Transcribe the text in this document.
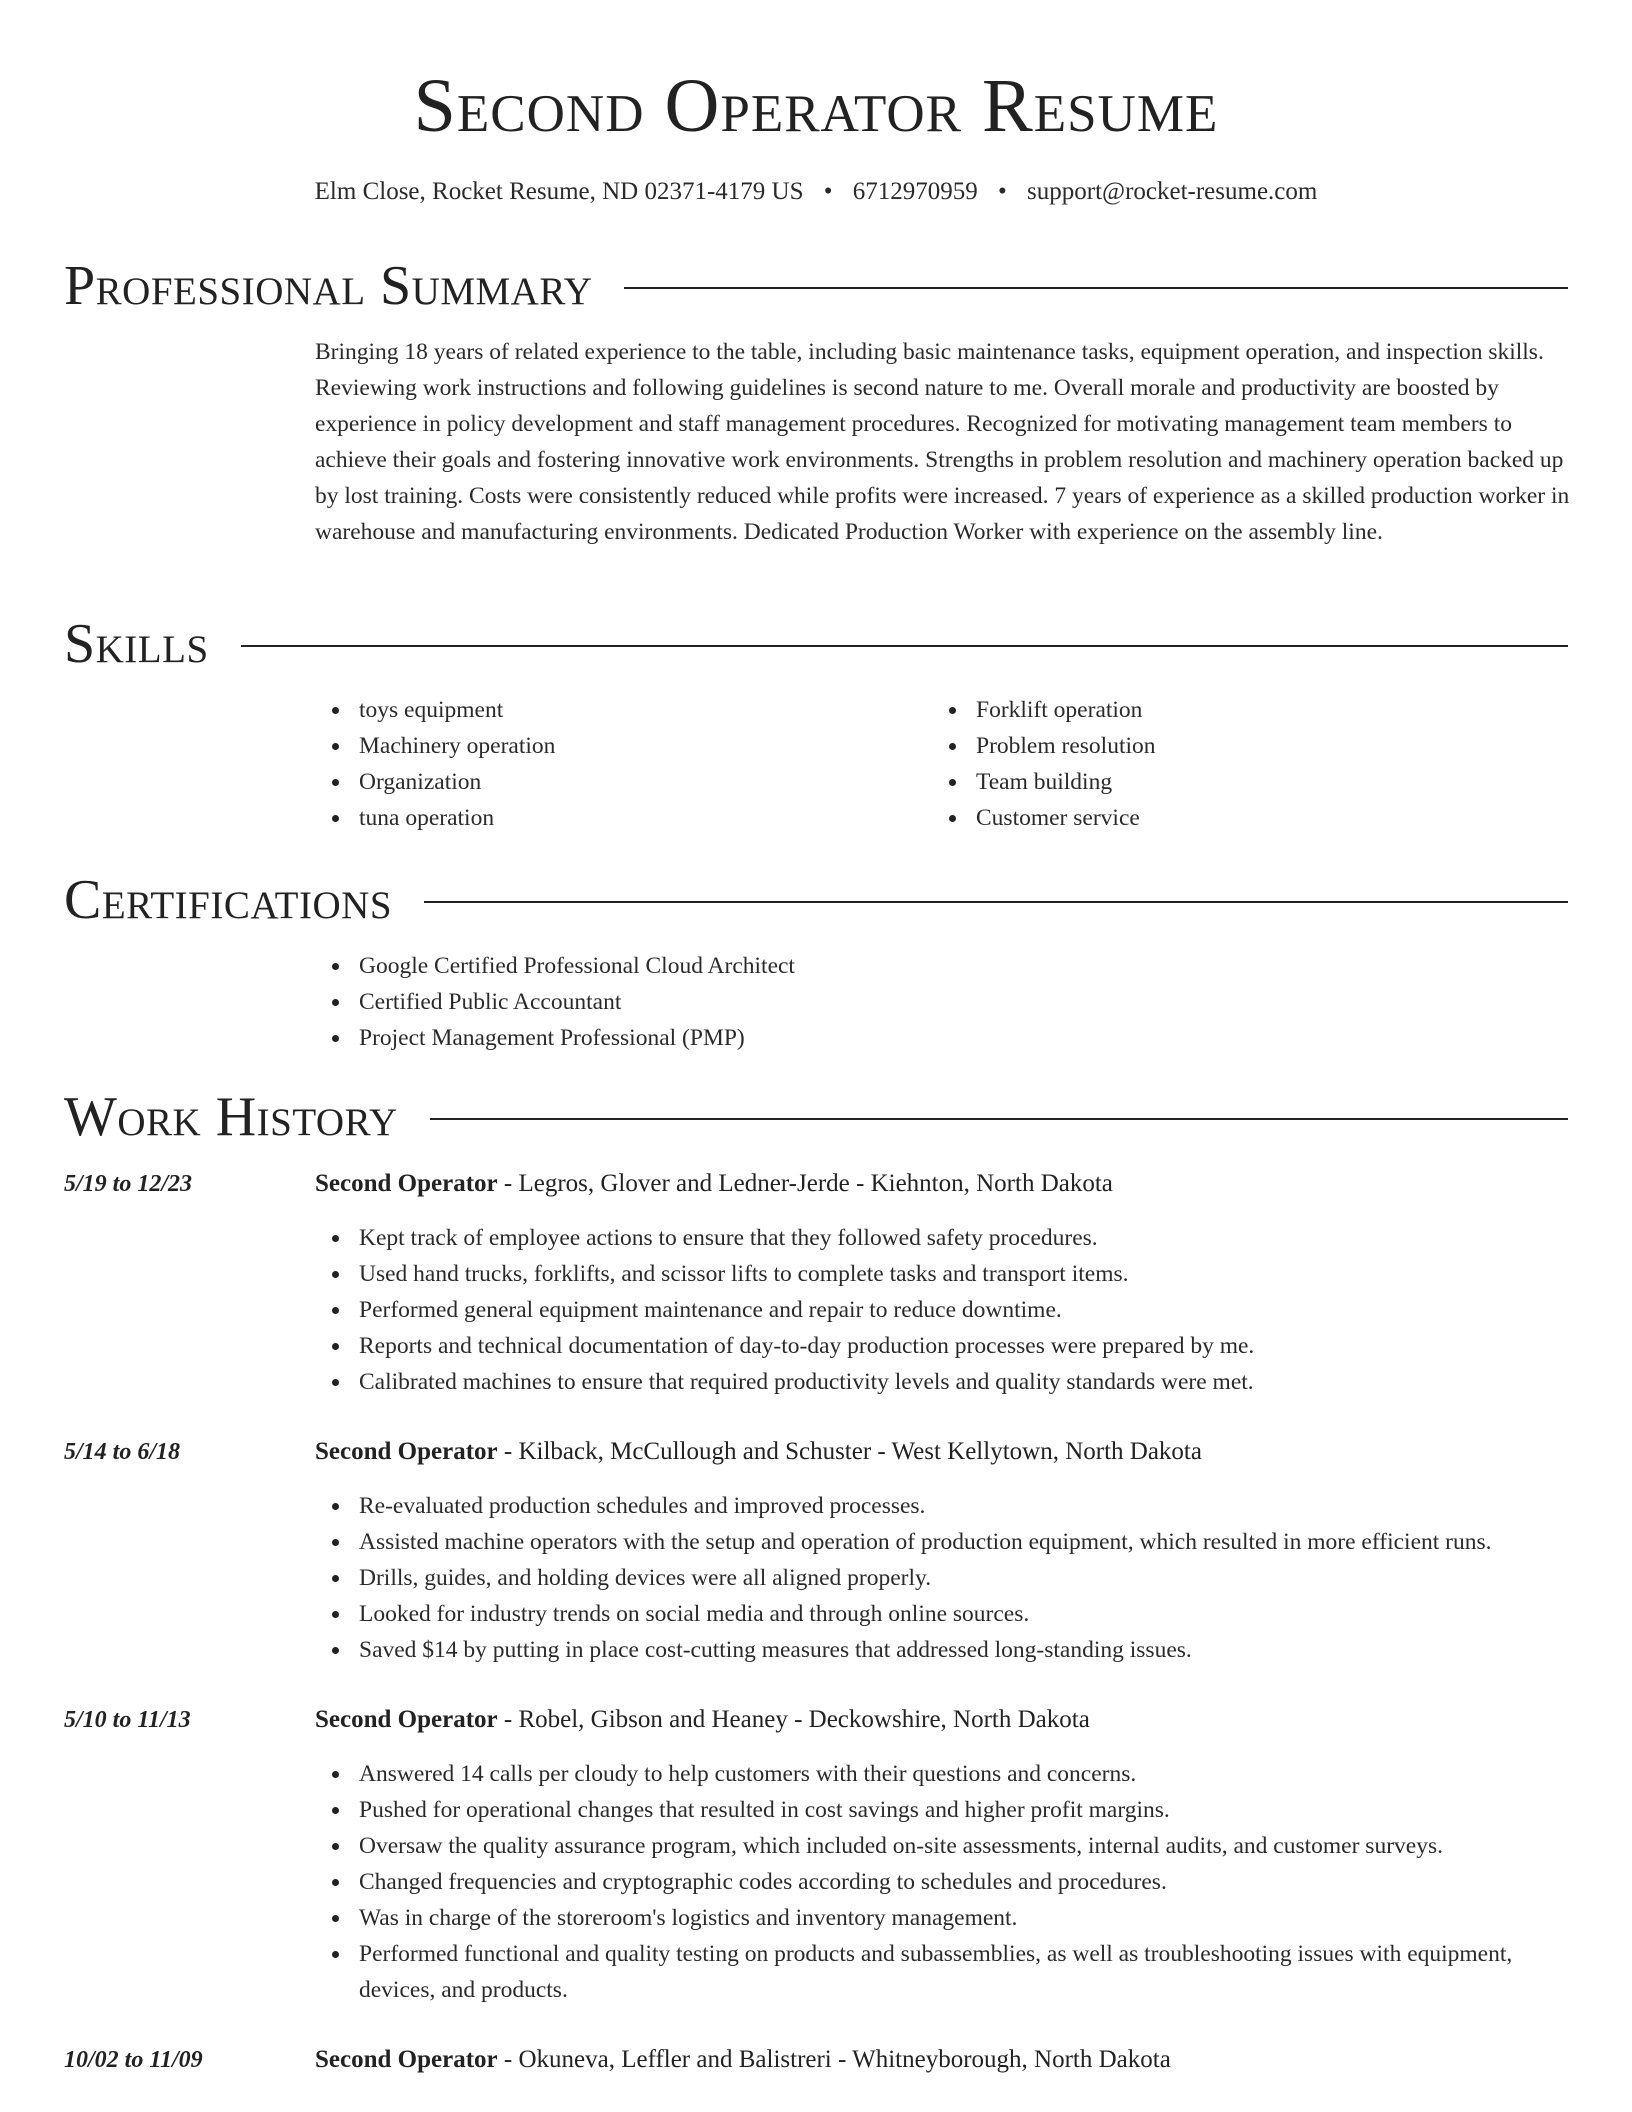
Second Operator Resume
Elm Close, Rocket Resume, ND 02371-4179 US • 6712970959 • support@rocket-resume.com
Professional Summary

Bringing 18 years of related experience to the table, including basic maintenance tasks, equipment operation, and inspection skills. Reviewing work instructions and following guidelines is second nature to me. Overall morale and productivity are boosted by experience in policy development and staff management procedures. Recognized for motivating management team members to achieve their goals and fostering innovative work environments. Strengths in problem resolution and machinery operation backed up by lost training. Costs were consistently reduced while profits were increased. 7 years of experience as a skilled production worker in warehouse and manufacturing environments. Dedicated Production Worker with experience on the assembly line.

Skills
toys equipment
Machinery operation
Organization
tuna operation
Forklift operation
Problem resolution
Team building
Customer service
Certifications
Google Certified Professional Cloud Architect
Certified Public Accountant
Project Management Professional (PMP)
Work History
5/19 to 12/23	Second Operator - Legros, Glover and Ledner-Jerde - Kiehnton, North Dakota
Kept track of employee actions to ensure that they followed safety procedures.
Used hand trucks, forklifts, and scissor lifts to complete tasks and transport items.
Performed general equipment maintenance and repair to reduce downtime.
Reports and technical documentation of day-to-day production processes were prepared by me.
Calibrated machines to ensure that required productivity levels and quality standards were met.
5/14 to 6/18	Second Operator - Kilback, McCullough and Schuster - West Kellytown, North Dakota
Re-evaluated production schedules and improved processes.
Assisted machine operators with the setup and operation of production equipment, which resulted in more efficient runs.
Drills, guides, and holding devices were all aligned properly.
Looked for industry trends on social media and through online sources.
Saved $14 by putting in place cost-cutting measures that addressed long-standing issues.
5/10 to 11/13	Second Operator - Robel, Gibson and Heaney - Deckowshire, North Dakota
Answered 14 calls per cloudy to help customers with their questions and concerns.
Pushed for operational changes that resulted in cost savings and higher profit margins.
Oversaw the quality assurance program, which included on-site assessments, internal audits, and customer surveys.
Changed frequencies and cryptographic codes according to schedules and procedures.
Was in charge of the storeroom's logistics and inventory management.
Performed functional and quality testing on products and subassemblies, as well as troubleshooting issues with equipment, devices, and products.
10/02 to 11/09	Second Operator - Okuneva, Leffler and Balistreri - Whitneyborough, North Dakota
